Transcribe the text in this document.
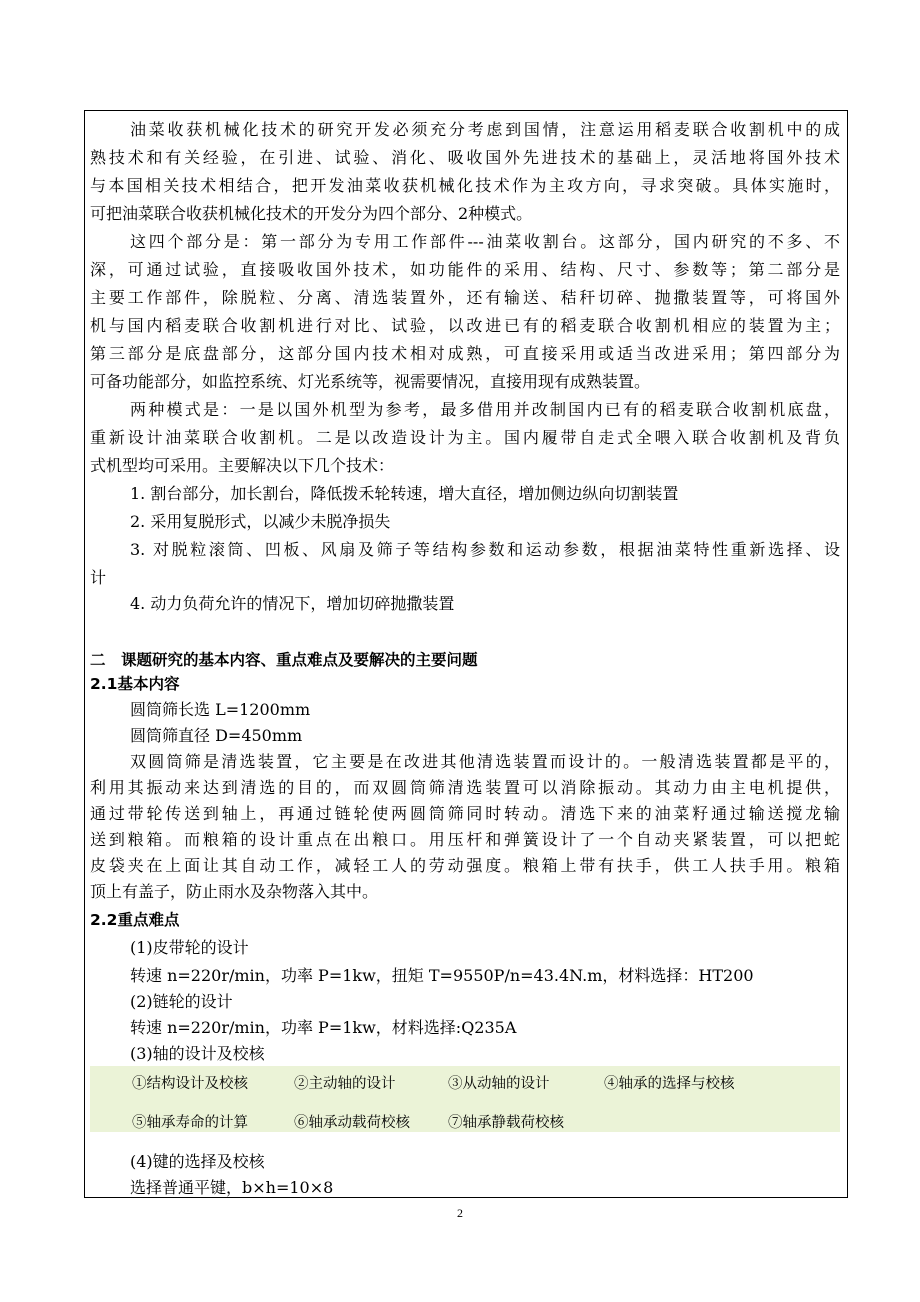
油菜收获机械化技术的研究开发必须充分考虑到国情，注意运用稻麦联合收割机中的成
熟技术和有关经验，在引进、试验、消化、吸收国外先进技术的基础上，灵活地将国外技术
与本国相关技术相结合，把开发油菜收获机械化技术作为主攻方向，寻求突破。具体实施时，
可把油菜联合收获机械化技术的开发分为四个部分、2种模式。
这四个部分是：第一部分为专用工作部件---油菜收割台。这部分，国内研究的不多、不
深，可通过试验，直接吸收国外技术，如功能件的采用、结构、尺寸、参数等；第二部分是
主要工作部件，除脱粒、分离、清选装置外，还有输送、秸秆切碎、抛撒装置等，可将国外
机与国内稻麦联合收割机进行对比、试验，以改进已有的稻麦联合收割机相应的装置为主；
第三部分是底盘部分，这部分国内技术相对成熟，可直接采用或适当改进采用；第四部分为
可备功能部分，如监控系统、灯光系统等，视需要情况，直接用现有成熟装置。
两种模式是：一是以国外机型为参考，最多借用并改制国内已有的稻麦联合收割机底盘，
重新设计油菜联合收割机。二是以改造设计为主。国内履带自走式全喂入联合收割机及背负
式机型均可采用。主要解决以下几个技术：
1. 割台部分，加长割台，降低拨禾轮转速，增大直径，增加侧边纵向切割装置
2. 采用复脱形式，以减少未脱净损失
3. 对脱粒滚筒、凹板、风扇及筛子等结构参数和运动参数，根据油菜特性重新选择、设
计
4. 动力负荷允许的情况下，增加切碎抛撒装置
二　课题研究的基本内容、重点难点及要解决的主要问题
2.1基本内容
圆筒筛长选 L=1200mm
圆筒筛直径 D=450mm
双圆筒筛是清选装置，它主要是在改进其他清选装置而设计的。一般清选装置都是平的，
利用其振动来达到清选的目的，而双圆筒筛清选装置可以消除振动。其动力由主电机提供，
通过带轮传送到轴上，再通过链轮使两圆筒筛同时转动。清选下来的油菜籽通过输送搅龙输
送到粮箱。而粮箱的设计重点在出粮口。用压杆和弹簧设计了一个自动夹紧装置，可以把蛇
皮袋夹在上面让其自动工作，减轻工人的劳动强度。粮箱上带有扶手，供工人扶手用。粮箱
顶上有盖子，防止雨水及杂物落入其中。
2.2重点难点
(1)皮带轮的设计
转速 n=220r/min，功率 P=1kw，扭矩 T=9550P/n=43.4N.m，材料选择：HT200
(2)链轮的设计
转速 n=220r/min，功率 P=1kw，材料选择:Q235A
(3)轴的设计及校核
①结构设计及校核	②主动轴的设计	③从动轴的设计	④轴承的选择与校核
⑤轴承寿命的计算	⑥轴承动载荷校核	⑦轴承静载荷校核
(4)键的选择及校核
选择普通平键，b×h=10×8
2
